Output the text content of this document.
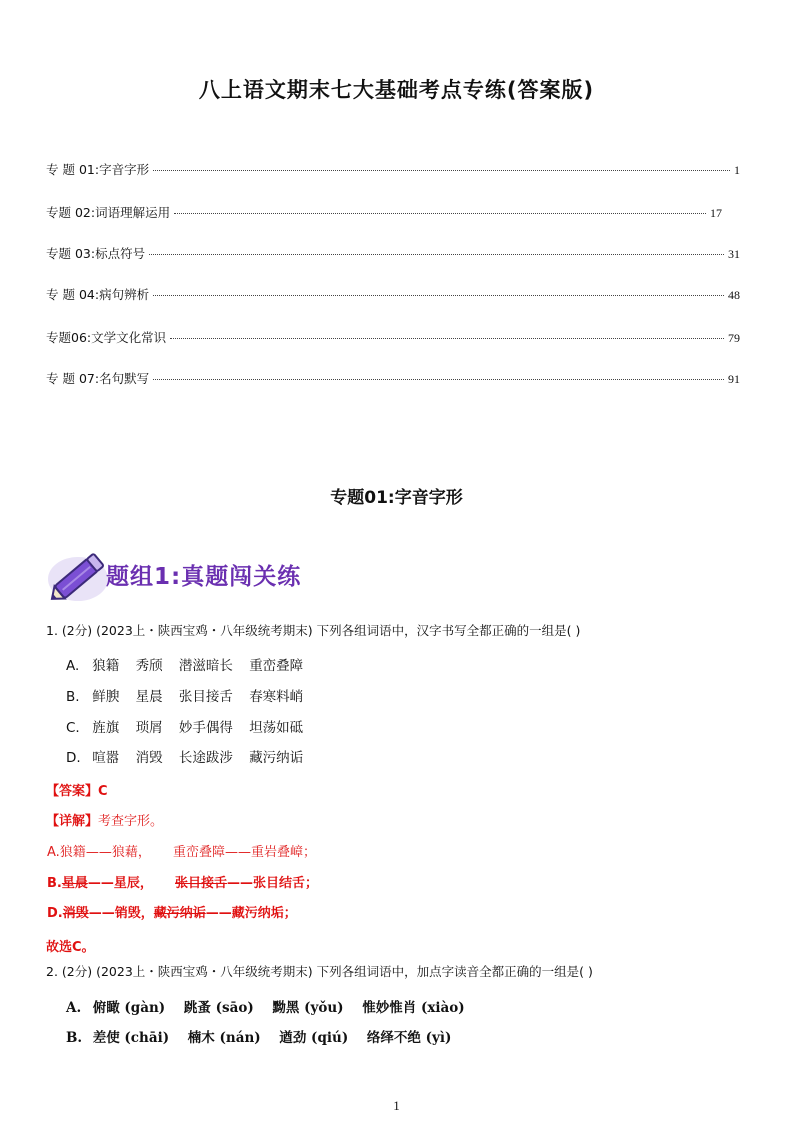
八上语文期末七大基础考点专练(答案版)
专 题 01:字音字形	1
专题 02:词语理解运用	17
专题 03:标点符号	31
专 题 04:病句辨析	48
专题06:文学文化常识	79
专 题 07:名句默写	91
专题01:字音字形
题组1:真题闯关练
1. (2分) (2023上・陕西宝鸡・八年级统考期末) 下列各组词语中，汉字书写全都正确的一组是( )
A. 狼籍 秀颀 潜滋暗长 重峦叠障
B. 鲜腴 星晨 张目接舌 春寒料峭
C. 旌旗 琐屑 妙手偶得 坦荡如砥
D. 喧嚣 消毁 长途跋涉 藏污纳诟
【答案】C
【详解】考查字形。
A.狼籍——狼藉， 重峦叠障——重岩叠嶂；
B.星晨——星辰， 张目接舌——张目结舌；
D.消毁——销毁，藏污纳诟——藏污纳垢；
故选C。
2. (2分) (2023上・陕西宝鸡・八年级统考期末) 下列各组词语中，加点字读音全都正确的一组是( )
A. 俯瞰 (gàn) 跳蚤 (sāo) 黝黑 (yǒu) 惟妙惟肖 (xiào)
B. 差使 (chāi) 楠木 (nán) 遒劲 (qiú) 络绎不绝 (yì)
1
